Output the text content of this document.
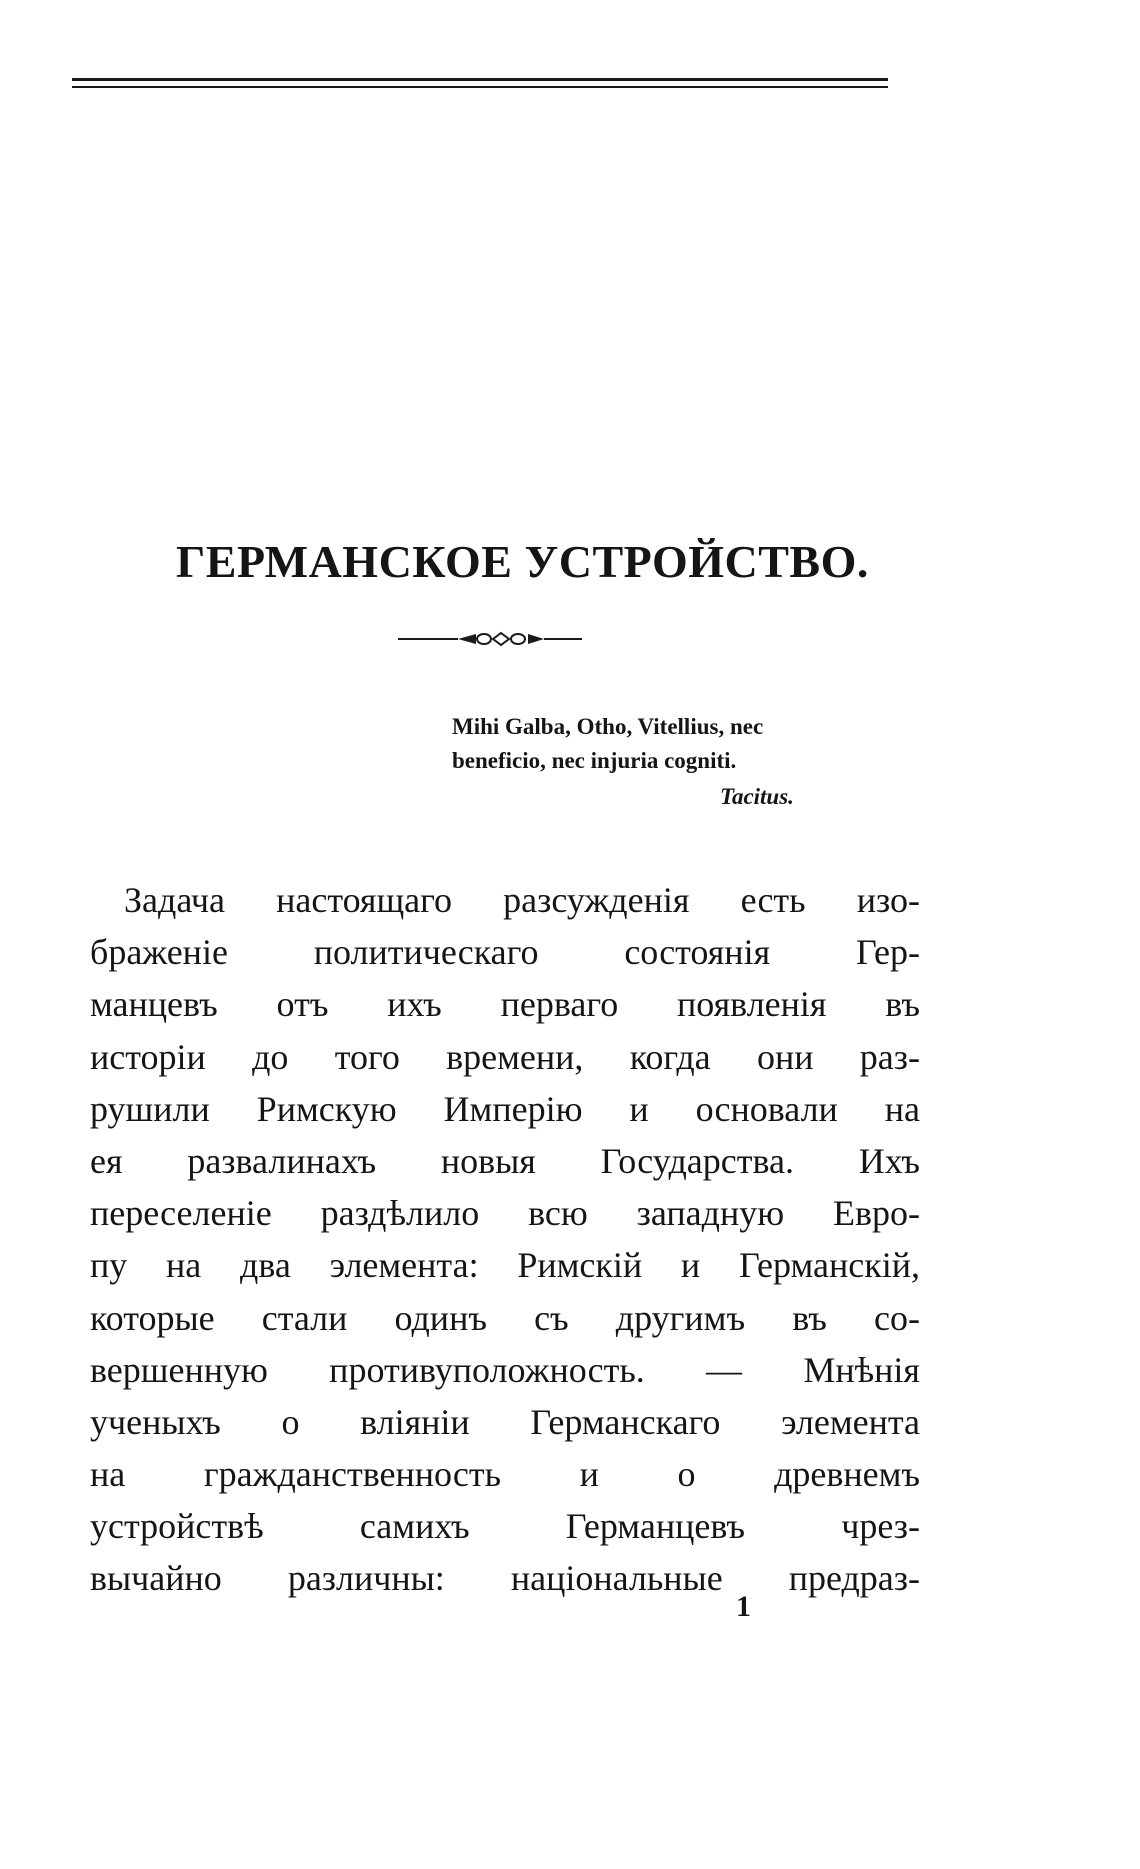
ГЕРМАНСКОЕ УСТРОЙСТВО.
Mihi Galba, Otho, Vitellius, nec
beneficio, nec injuria cogniti.
Tacitus.
Задача настоящаго разсужденія есть изо-
браженіе политическаго состоянія Гер-
манцевъ отъ ихъ перваго появленія въ
исторіи до того времени, когда они раз-
рушили Римскую Имперію и основали на
ея развалинахъ новыя Государства. Ихъ
переселеніе раздѣлило всю западную Евро-
пу на два элемента: Римскій и Германскій,
которые стали одинъ съ другимъ въ со-
вершенную противуположность. — Мнѣнія
ученыхъ о вліяніи Германскаго элемента
на гражданственность и о древнемъ
устройствѣ самихъ Германцевъ чрез-
вычайно различны: національные предраз-
1
